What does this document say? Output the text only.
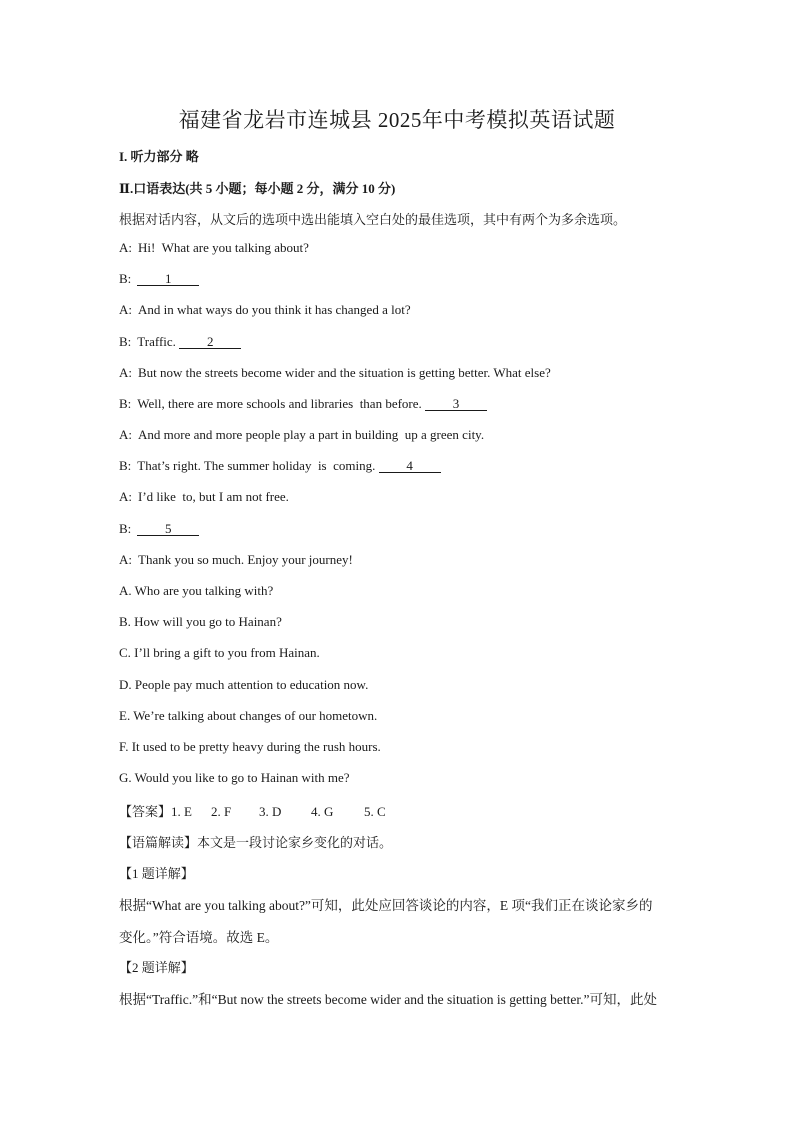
福建省龙岩市连城县 2025年中考模拟英语试题
I. 听力部分 略
Ⅱ.口语表达(共 5 小题；每小题 2 分，满分 10 分)
根据对话内容，从文后的选项中选出能填入空白处的最佳选项，其中有两个为多余选项。
A: Hi!  What are you talking about?
B:	1
A: And in what ways do you think it has changed a lot?
B: Traffic. 2
A: But now the streets become wider and the situation is getting better. What else?
B: Well, there are more schools and libraries  than before. 3
A: And more and more people play a part in building  up a green city.
B: That’s right. The summer holiday  is  coming. 4
A: I’d like  to, but I am not free.
B:	5
A: Thank you so much. Enjoy your journey!
A. Who are you talking with?
B. How will you go to Hainan?
C. I’ll bring a gift to you from Hainan.
D. People pay much attention to education now.
E. We’re talking about changes of our hometown.
F. It used to be pretty heavy during the rush hours.
G. Would you like to go to Hainan with me?
【答案】1. E 2. F 3. D 4. G 5. C
【语篇解读】本文是一段讨论家乡变化的对话。
【1 题详解】
根据“What are you talking about?”可知，此处应回答谈论的内容，E 项“我们正在谈论家乡的
变化。”符合语境。故选 E。
【2 题详解】
根据“Traffic.”和“But now the streets become wider and the situation is getting better.”可知，此处
